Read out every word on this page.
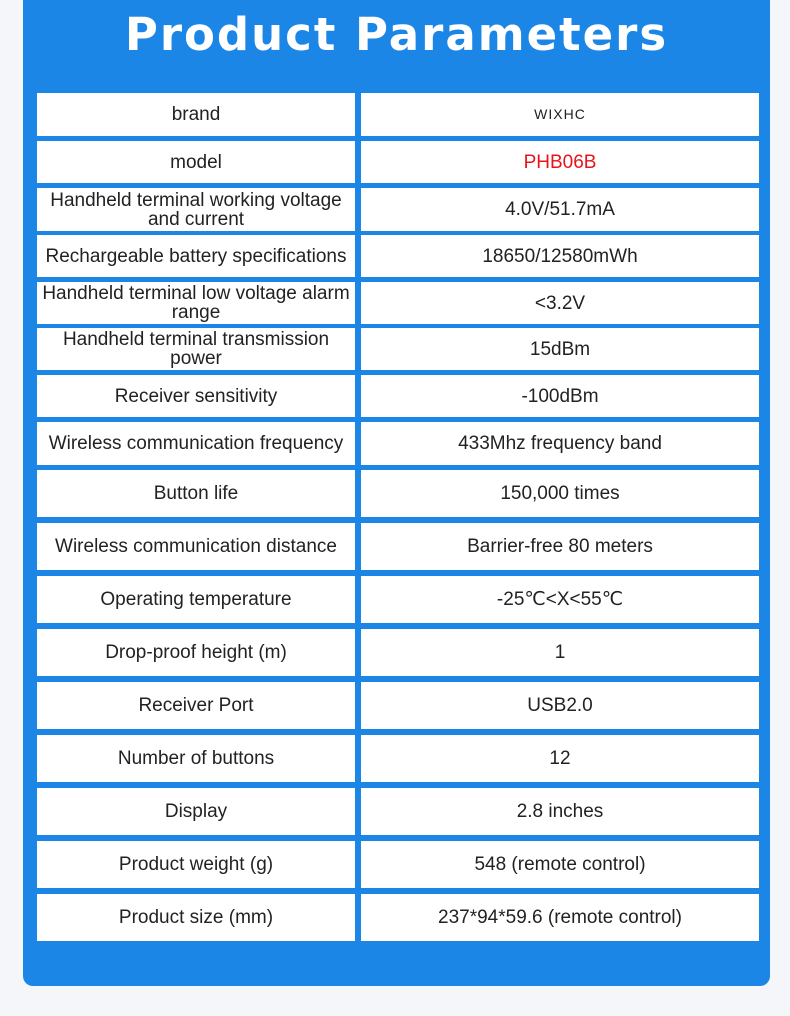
Product Parameters
brand	WIXHC
model	PHB06B
Handheld terminal working voltage and current	4.0V/51.7mA
Rechargeable battery specifications	18650/12580mWh
Handheld terminal low voltage alarm range	<3.2V
Handheld terminal transmission power	15dBm
Receiver sensitivity	-100dBm
Wireless communication frequency	433Mhz frequency band
Button life	150,000 times
Wireless communication distance	Barrier-free 80 meters
Operating temperature	-25℃<X<55℃
Drop-proof height (m)	1
Receiver Port	USB2.0
Number of buttons	12
Display	2.8 inches
Product weight (g)	548 (remote control)
Product size (mm)	237*94*59.6 (remote control)
